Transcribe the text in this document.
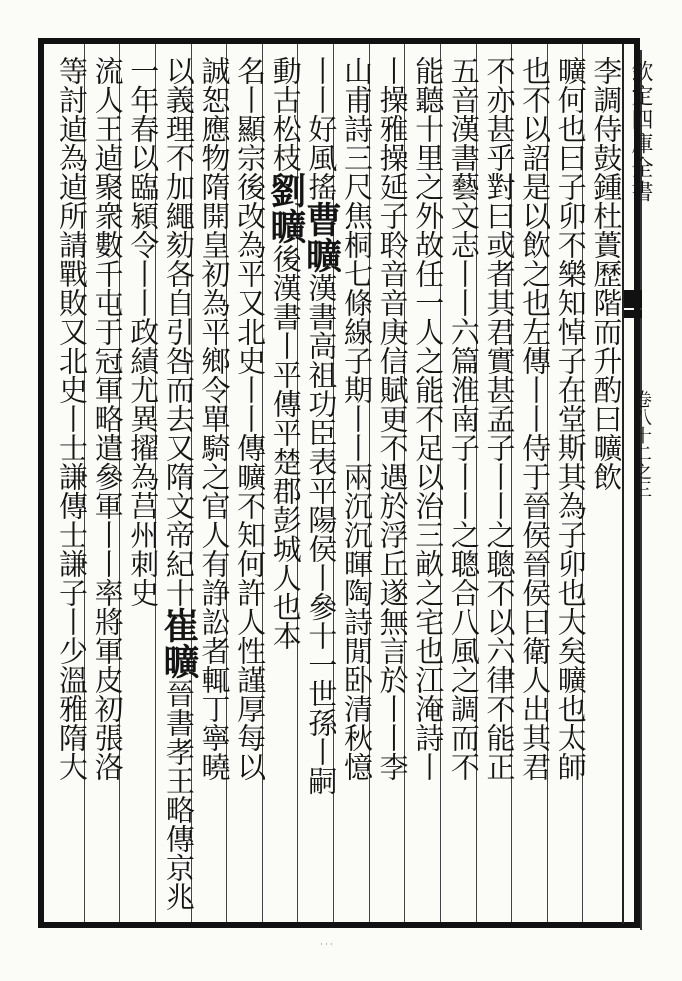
欽定四庫全書
卷八十二之三
李調侍鼓鍾杜蕢歷階而升酌曰曠飲
曠何也曰子卯不樂知悼子在堂斯其為子卯也大矣曠也太師
也不以詔是以飲之也左傳丨丨侍于晉侯晉侯曰衛人出其君
不亦甚乎對曰或者其君實甚孟子丨丨之聰不以六律不能正
五音漢書藝文志丨丨六篇淮南子丨丨之聰合八風之調而不
能聽十里之外故任一人之能不足以治三畝之宅也江淹詩丨
丨操雅操延子聆音音庚信賦更不遇於浮丘遂無言於丨丨李
山甫詩三尺焦桐七條線子期丨丨兩沉沉暉陶詩閒卧清秋憶
丨丨好風搖曹曠漢書高祖功臣表平陽侯丨參十一世孫丨嗣
動古松枝劉曠後漢書丨平傳平楚郡彭城人也本
名丨顯宗後改為平又北史丨丨傳曠不知何許人性謹厚每以
誠恕應物隋開皇初為平鄉令單騎之官人有諍訟者輒丁寧曉
以義理不加繩劾各自引咎而去又隋文帝紀十崔曠晉書孝王略傳京兆
一年春以臨潁令丨丨政績尤異擢為莒州刺史
流人王逌聚衆數千屯于冠軍略遣參軍丨丨率將軍皮初張洛
等討逌為逌所請戰敗又北史丨士謙傳士謙子丨少溫雅隋大
· · ·
